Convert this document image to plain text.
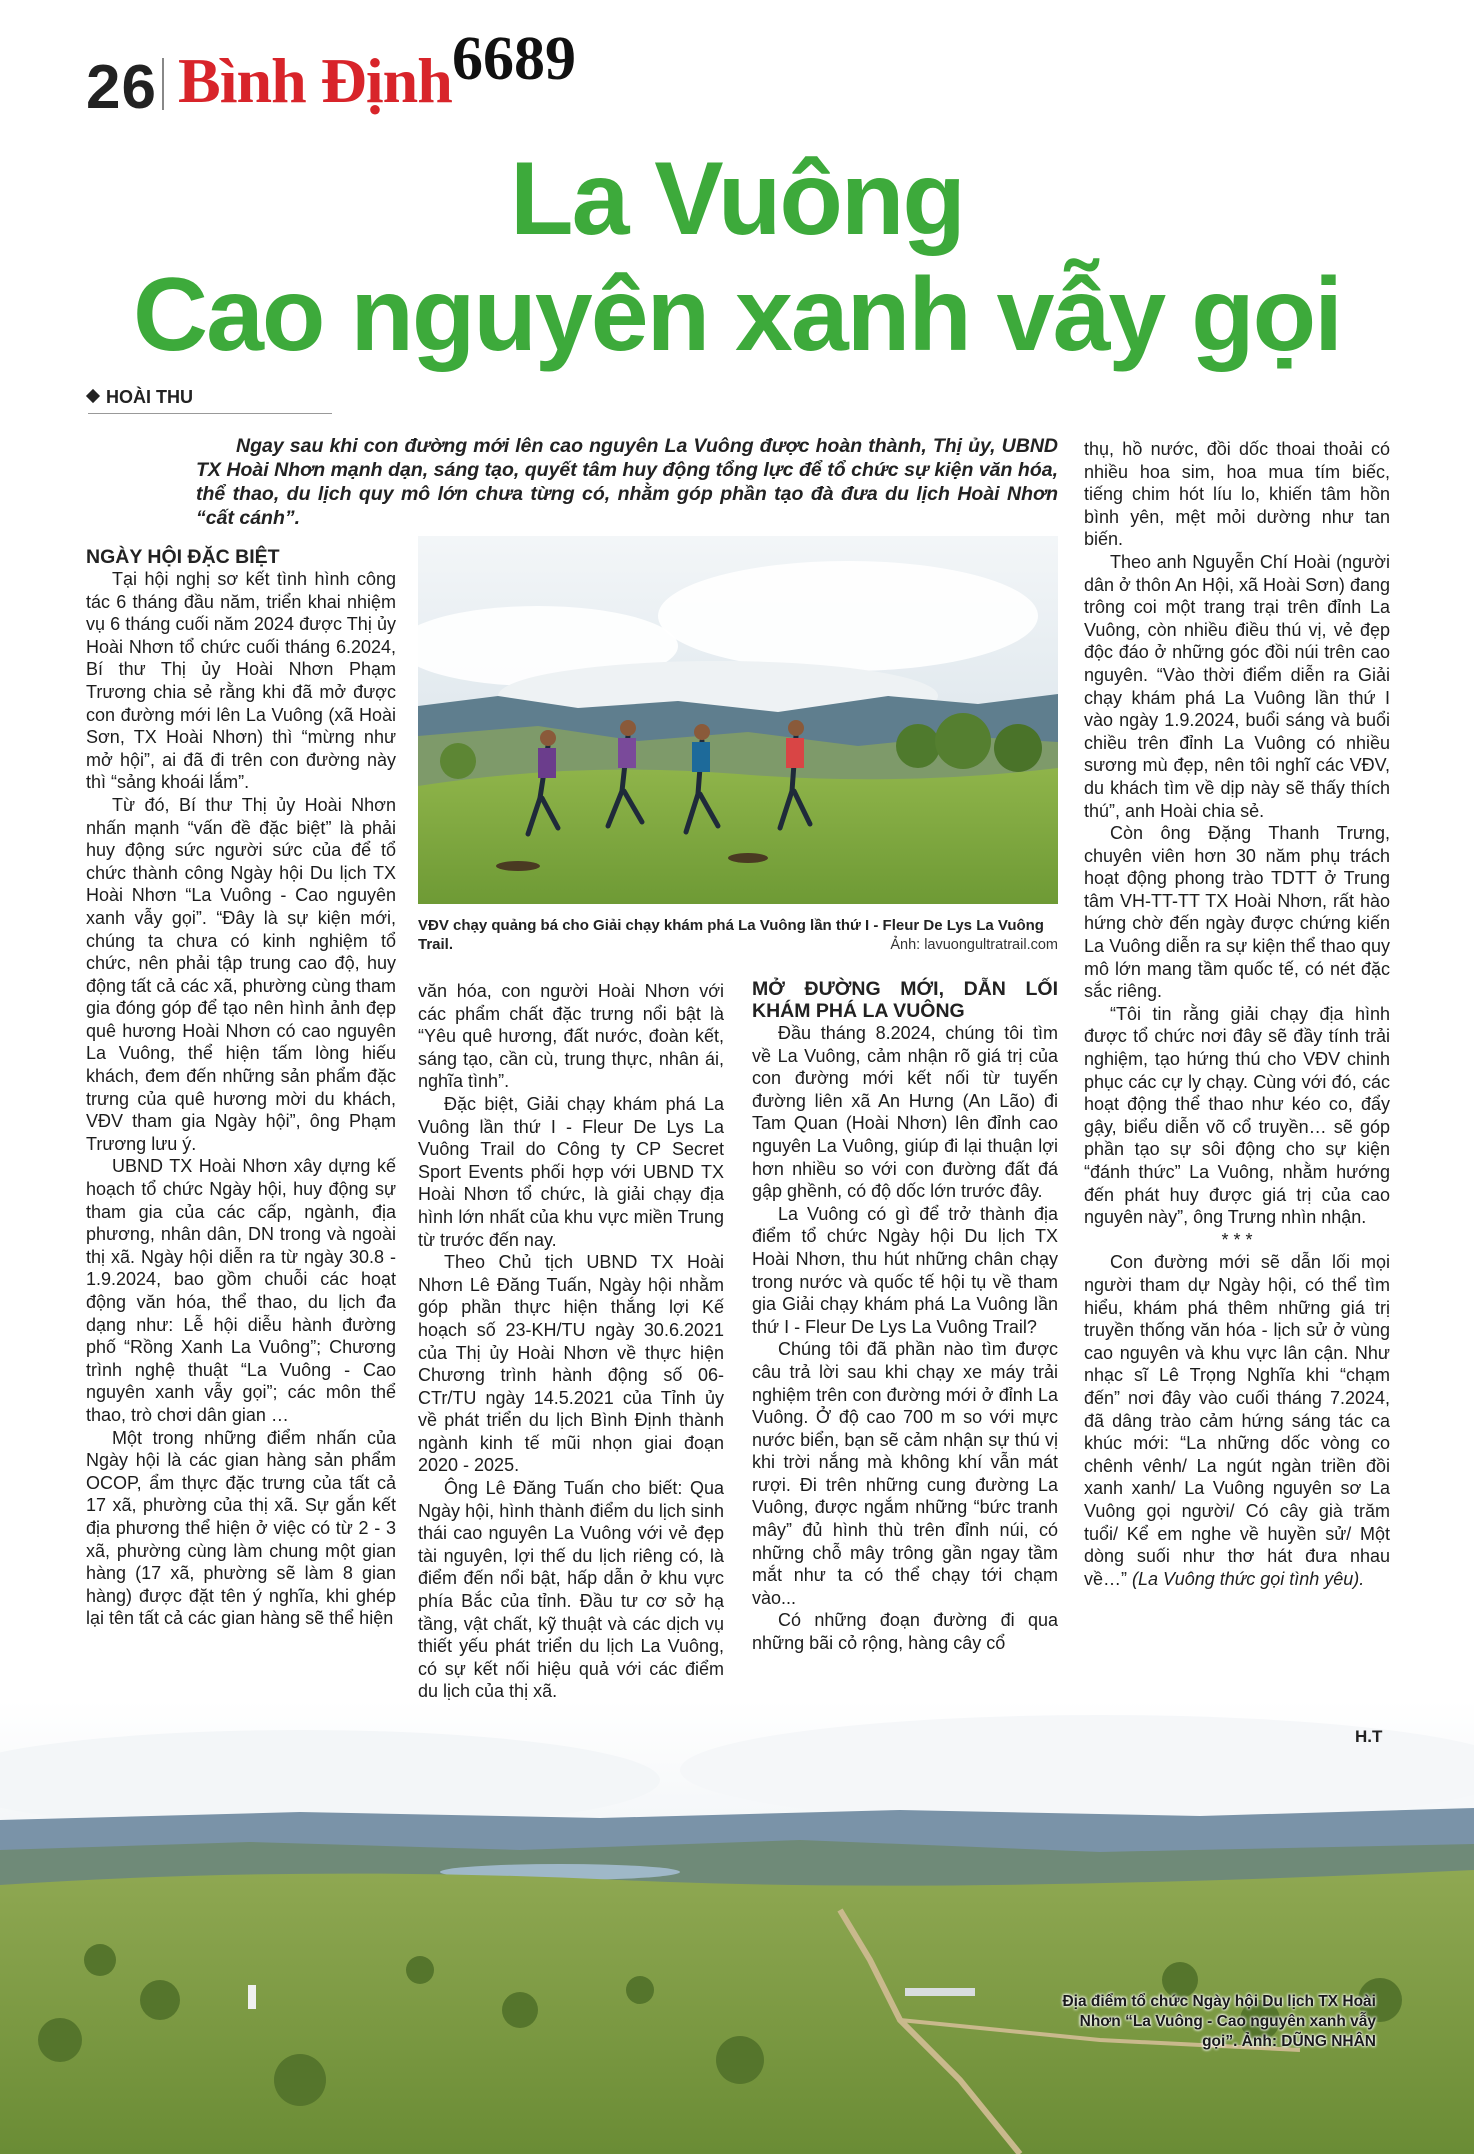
26 Bình Định 6689
La Vuông
Cao nguyên xanh vẫy gọi
HOÀI THU
Ngay sau khi con đường mới lên cao nguyên La Vuông được hoàn thành, Thị ủy, UBND TX Hoài Nhơn mạnh dạn, sáng tạo, quyết tâm huy động tổng lực để tổ chức sự kiện văn hóa, thể thao, du lịch quy mô lớn chưa từng có, nhằm góp phần tạo đà đưa du lịch Hoài Nhơn “cất cánh”.
VĐV chạy quảng bá cho Giải chạy khám phá La Vuông lần thứ I - Fleur De Lys La Vuông Trail.	Ảnh: lavuongultratrail.com
Địa điểm tổ chức Ngày hội Du lịch TX Hoài Nhơn “La Vuông - Cao nguyên xanh vẫy gọi”. Ảnh: DŨNG NHÂN

NGÀY HỘI ĐẶC BIỆT

Tại hội nghị sơ kết tình hình công tác 6 tháng đầu năm, triển khai nhiệm vụ 6 tháng cuối năm 2024 được Thị ủy Hoài Nhơn tổ chức cuối tháng 6.2024, Bí thư Thị ủy Hoài Nhơn Phạm Trương chia sẻ rằng khi đã mở được con đường mới lên La Vuông (xã Hoài Sơn, TX Hoài Nhơn) thì “mừng như mở hội”, ai đã đi trên con đường này thì “sảng khoái lắm”.

Từ đó, Bí thư Thị ủy Hoài Nhơn nhấn mạnh “vấn đề đặc biệt” là phải huy động sức người sức của để tổ chức thành công Ngày hội Du lịch TX Hoài Nhơn “La Vuông - Cao nguyên xanh vẫy gọi”. “Đây là sự kiện mới, chúng ta chưa có kinh nghiệm tổ chức, nên phải tập trung cao độ, huy động tất cả các xã, phường cùng tham gia đóng góp để tạo nên hình ảnh đẹp quê hương Hoài Nhơn có cao nguyên La Vuông, thể hiện tấm lòng hiếu khách, đem đến những sản phẩm đặc trưng của quê hương mời du khách, VĐV tham gia Ngày hội”, ông Phạm Trương lưu ý.

UBND TX Hoài Nhơn xây dựng kế hoạch tổ chức Ngày hội, huy động sự tham gia của các cấp, ngành, địa phương, nhân dân, DN trong và ngoài thị xã. Ngày hội diễn ra từ ngày 30.8 - 1.9.2024, bao gồm chuỗi các hoạt động văn hóa, thể thao, du lịch đa dạng như: Lễ hội diễu hành đường phố “Rồng Xanh La Vuông”; Chương trình nghệ thuật “La Vuông - Cao nguyên xanh vẫy gọi”; các môn thể thao, trò chơi dân gian …

Một trong những điểm nhấn của Ngày hội là các gian hàng sản phẩm OCOP, ẩm thực đặc trưng của tất cả 17 xã, phường của thị xã. Sự gắn kết địa phương thể hiện ở việc có từ 2 - 3 xã, phường cùng làm chung một gian hàng (17 xã, phường sẽ làm 8 gian hàng) được đặt tên ý nghĩa, khi ghép lại tên tất cả các gian hàng sẽ thể hiện

văn hóa, con người Hoài Nhơn với các phẩm chất đặc trưng nổi bật là “Yêu quê hương, đất nước, đoàn kết, sáng tạo, cần cù, trung thực, nhân ái, nghĩa tình”.

Đặc biệt, Giải chạy khám phá La Vuông lần thứ I - Fleur De Lys La Vuông Trail do Công ty CP Secret Sport Events phối hợp với UBND TX Hoài Nhơn tổ chức, là giải chạy địa hình lớn nhất của khu vực miền Trung từ trước đến nay.

Theo Chủ tịch UBND TX Hoài Nhơn Lê Đăng Tuấn, Ngày hội nhằm góp phần thực hiện thắng lợi Kế hoạch số 23-KH/TU ngày 30.6.2021 của Thị ủy Hoài Nhơn về thực hiện Chương trình hành động số 06-CTr/TU ngày 14.5.2021 của Tỉnh ủy về phát triển du lịch Bình Định thành ngành kinh tế mũi nhọn giai đoạn 2020 - 2025.

Ông Lê Đăng Tuấn cho biết: Qua Ngày hội, hình thành điểm du lịch sinh thái cao nguyên La Vuông với vẻ đẹp tài nguyên, lợi thế du lịch riêng có, là điểm đến nổi bật, hấp dẫn ở khu vực phía Bắc của tỉnh. Đầu tư cơ sở hạ tầng, vật chất, kỹ thuật và các dịch vụ thiết yếu phát triển du lịch La Vuông, có sự kết nối hiệu quả với các điểm du lịch của thị xã.

MỞ ĐƯỜNG MỚI, DẪN LỐI KHÁM PHÁ LA VUÔNG

Đầu tháng 8.2024, chúng tôi tìm về La Vuông, cảm nhận rõ giá trị của con đường mới kết nối từ tuyến đường liên xã An Hưng (An Lão) đi Tam Quan (Hoài Nhơn) lên đỉnh cao nguyên La Vuông, giúp đi lại thuận lợi hơn nhiều so với con đường đất đá gập ghềnh, có độ dốc lớn trước đây.

La Vuông có gì để trở thành địa điểm tổ chức Ngày hội Du lịch TX Hoài Nhơn, thu hút những chân chạy trong nước và quốc tế hội tụ về tham gia Giải chạy khám phá La Vuông lần thứ I - Fleur De Lys La Vuông Trail?

Chúng tôi đã phần nào tìm được câu trả lời sau khi chạy xe máy trải nghiệm trên con đường mới ở đỉnh La Vuông. Ở độ cao 700 m so với mực nước biển, bạn sẽ cảm nhận sự thú vị khi trời nắng mà không khí vẫn mát rượi. Đi trên những cung đường La Vuông, được ngắm những “bức tranh mây” đủ hình thù trên đỉnh núi, có những chỗ mây trông gần ngay tầm mắt như ta có thể chạy tới chạm vào...

Có những đoạn đường đi qua những bãi cỏ rộng, hàng cây cổ

thụ, hồ nước, đồi dốc thoai thoải có nhiều hoa sim, hoa mua tím biếc, tiếng chim hót líu lo, khiến tâm hồn bình yên, mệt mỏi dường như tan biến.

Theo anh Nguyễn Chí Hoài (người dân ở thôn An Hội, xã Hoài Sơn) đang trông coi một trang trại trên đỉnh La Vuông, còn nhiều điều thú vị, vẻ đẹp độc đáo ở những góc đồi núi trên cao nguyên. “Vào thời điểm diễn ra Giải chạy khám phá La Vuông lần thứ I vào ngày 1.9.2024, buổi sáng và buổi chiều trên đỉnh La Vuông có nhiều sương mù đẹp, nên tôi nghĩ các VĐV, du khách tìm về dịp này sẽ thấy thích thú”, anh Hoài chia sẻ.

Còn ông Đặng Thanh Trưng, chuyên viên hơn 30 năm phụ trách hoạt động phong trào TDTT ở Trung tâm VH-TT-TT TX Hoài Nhơn, rất hào hứng chờ đến ngày được chứng kiến La Vuông diễn ra sự kiện thể thao quy mô lớn mang tầm quốc tế, có nét đặc sắc riêng.

“Tôi tin rằng giải chạy địa hình được tổ chức nơi đây sẽ đầy tính trải nghiệm, tạo hứng thú cho VĐV chinh phục các cự ly chạy. Cùng với đó, các hoạt động thể thao như kéo co, đẩy gậy, biểu diễn võ cổ truyền… sẽ góp phần tạo sự sôi động cho sự kiện “đánh thức” La Vuông, nhằm hướng đến phát huy được giá trị của cao nguyên này”, ông Trưng nhìn nhận.

* * *

Con đường mới sẽ dẫn lối mọi người tham dự Ngày hội, có thể tìm hiểu, khám phá thêm những giá trị truyền thống văn hóa - lịch sử ở vùng cao nguyên và khu vực lân cận. Như nhạc sĩ Lê Trọng Nghĩa khi “chạm đến” nơi đây vào cuối tháng 7.2024, đã dâng trào cảm hứng sáng tác ca khúc mới: “La những dốc vòng co chênh vênh/ La ngút ngàn triền đồi xanh xanh/ La Vuông nguyên sơ La Vuông gọi người/ Có cây già trăm tuổi/ Kể em nghe về huyền sử/ Một dòng suối như thơ hát đưa nhau về…” (La Vuông thức gọi tình yêu).

H.T
